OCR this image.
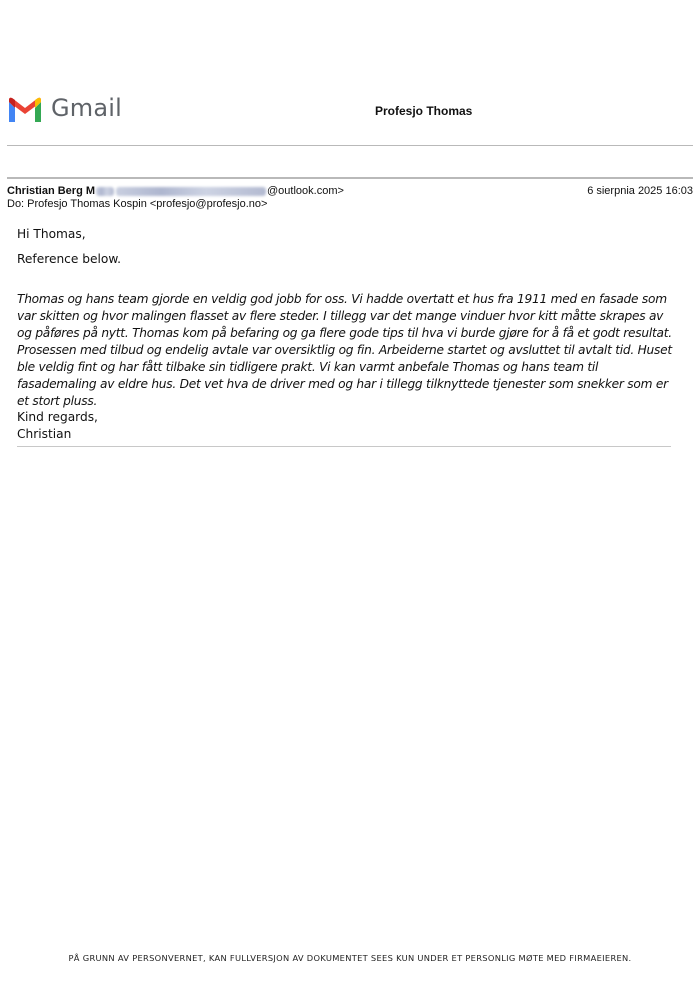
Gmail	Profesjo Thomas
Christian Berg M	@outlook.com>	6 sierpnia 2025 16:03
Do: Profesjo Thomas Kospin <profesjo@profesjo.no>
Hi Thomas,
Reference below.
Thomas og hans team gjorde en veldig god jobb for oss. Vi hadde overtatt et hus fra 1911 med en fasade som var skitten og hvor malingen flasset av flere steder. I tillegg var det mange vinduer hvor kitt måtte skrapes av og påføres på nytt. Thomas kom på befaring og ga flere gode tips til hva vi burde gjøre for å få et godt resultat. Prosessen med tilbud og endelig avtale var oversiktlig og fin. Arbeiderne startet og avsluttet til avtalt tid. Huset ble veldig fint og har fått tilbake sin tidligere prakt. Vi kan varmt anbefale Thomas og hans team til fasademaling av eldre hus. Det vet hva de driver med og har i tillegg tilknyttede tjenester som snekker som er et stort pluss.
Kind regards,
Christian
PÅ GRUNN AV PERSONVERNET, KAN FULLVERSJON AV DOKUMENTET SEES KUN UNDER ET PERSONLIG MØTE MED FIRMAEIEREN.
